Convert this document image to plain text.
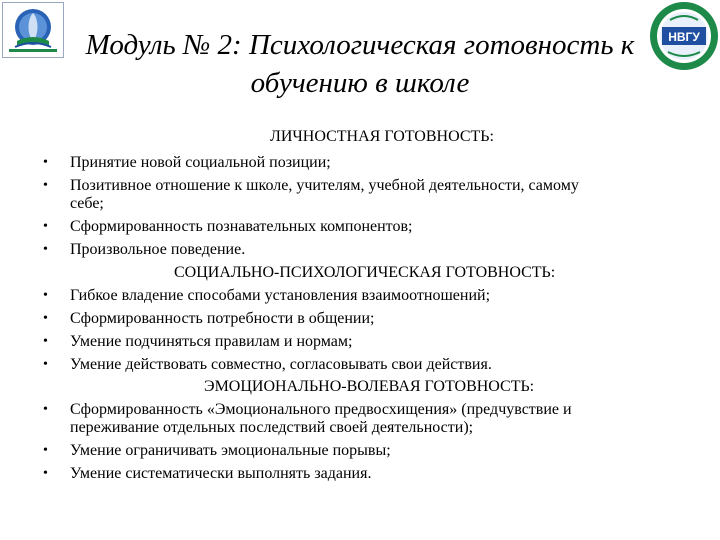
НВГУ
Модуль № 2: Психологическая готовность к
обучению в школе
ЛИЧНОСТНАЯ ГОТОВНОСТЬ:
• Принятие новой социальной позиции;
• Позитивное отношение к школе, учителям, учебной деятельности, самому
себе;
• Сформированность познавательных компонентов;
• Произвольное поведение.
СОЦИАЛЬНО-ПСИХОЛОГИЧЕСКАЯ ГОТОВНОСТЬ:
• Гибкое владение способами установления взаимоотношений;
• Сформированность потребности в общении;
• Умение подчиняться правилам и нормам;
• Умение действовать совместно, согласовывать свои действия.
ЭМОЦИОНАЛЬНО-ВОЛЕВАЯ ГОТОВНОСТЬ:
• Сформированность «Эмоционального предвосхищения» (предчувствие и
переживание отдельных последствий своей деятельности);
• Умение ограничивать эмоциональные порывы;
• Умение систематически выполнять задания.
